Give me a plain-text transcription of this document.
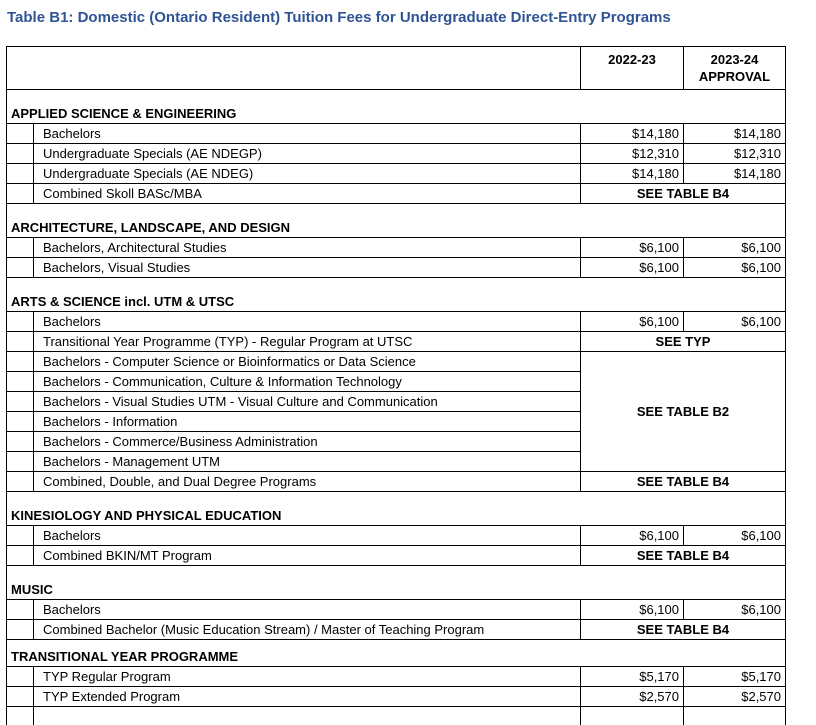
Table B1: Domestic (Ontario Resident) Tuition Fees for Undergraduate Direct-Entry Programs

		2022-23	2023-24
APPROVAL

APPLIED SCIENCE & ENGINEERING			
	Bachelors	$14,180	$14,180
	Undergraduate Specials (AE NDEGP)	$12,310	$12,310
	Undergraduate Specials (AE NDEG)	$14,180	$14,180
	Combined Skoll BASc/MBA	SEE TABLE B4	
ARCHITECTURE, LANDSCAPE, AND DESIGN			
	Bachelors, Architectural Studies	$6,100	$6,100
	Bachelors, Visual Studies	$6,100	$6,100
ARTS & SCIENCE incl. UTM & UTSC			
	Bachelors	$6,100	$6,100
	Transitional Year Programme (TYP) - Regular Program at UTSC	SEE TYP	
	Bachelors - Computer Science or Bioinformatics or Data Science	SEE TABLE B2	
	Bachelors - Communication, Culture & Information Technology		
	Bachelors - Visual Studies UTM - Visual Culture and Communication		
	Bachelors - Information		
	Bachelors - Commerce/Business Administration		
	Bachelors - Management UTM		
	Combined, Double, and Dual Degree Programs	SEE TABLE B4	
KINESIOLOGY AND PHYSICAL EDUCATION			
	Bachelors	$6,100	$6,100
	Combined BKIN/MT Program	SEE TABLE B4	
MUSIC			
	Bachelors	$6,100	$6,100
	Combined Bachelor (Music Education Stream) / Master of Teaching Program	SEE TABLE B4	
TRANSITIONAL YEAR PROGRAMME			
	TYP Regular Program	$5,170	$5,170
	TYP Extended Program	$2,570	$2,570
